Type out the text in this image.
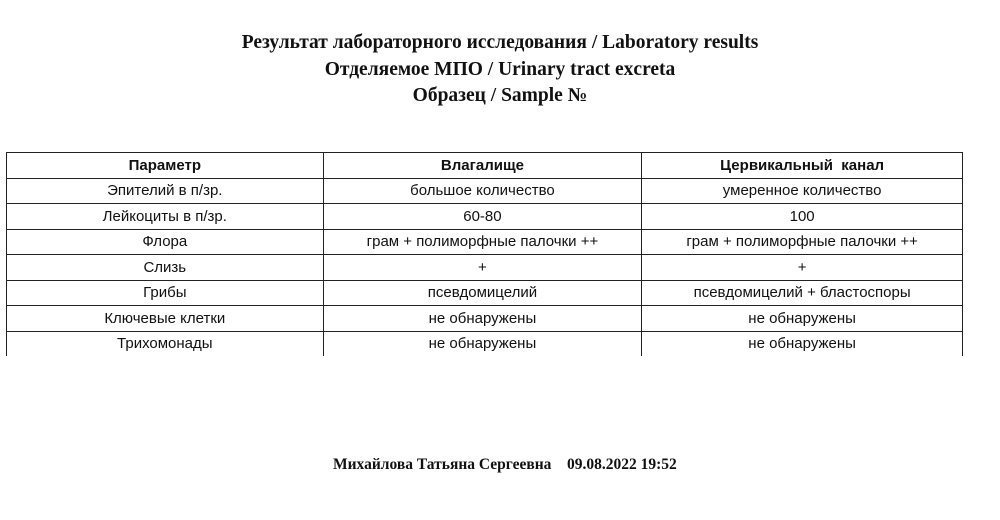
Результат лабораторного исследования / Laboratory results
Отделяемое МПО / Urinary tract excreta
Образец / Sample №
Параметр	Влагалище	Цервикальный  канал
Эпителий в п/зр.	большое количество	умеренное количество
Лейкоциты в п/зр.	60-80	100
Флора	грам + полиморфные палочки ++	грам + полиморфные палочки ++
Слизь	+	+
Грибы	псевдомицелий	псевдомицелий + бластоспоры
Ключевые клетки	не обнаружены	не обнаружены
Трихомонады	не обнаружены	не обнаружены
Михайлова Татьяна Сергеевна 09.08.2022 19:52
